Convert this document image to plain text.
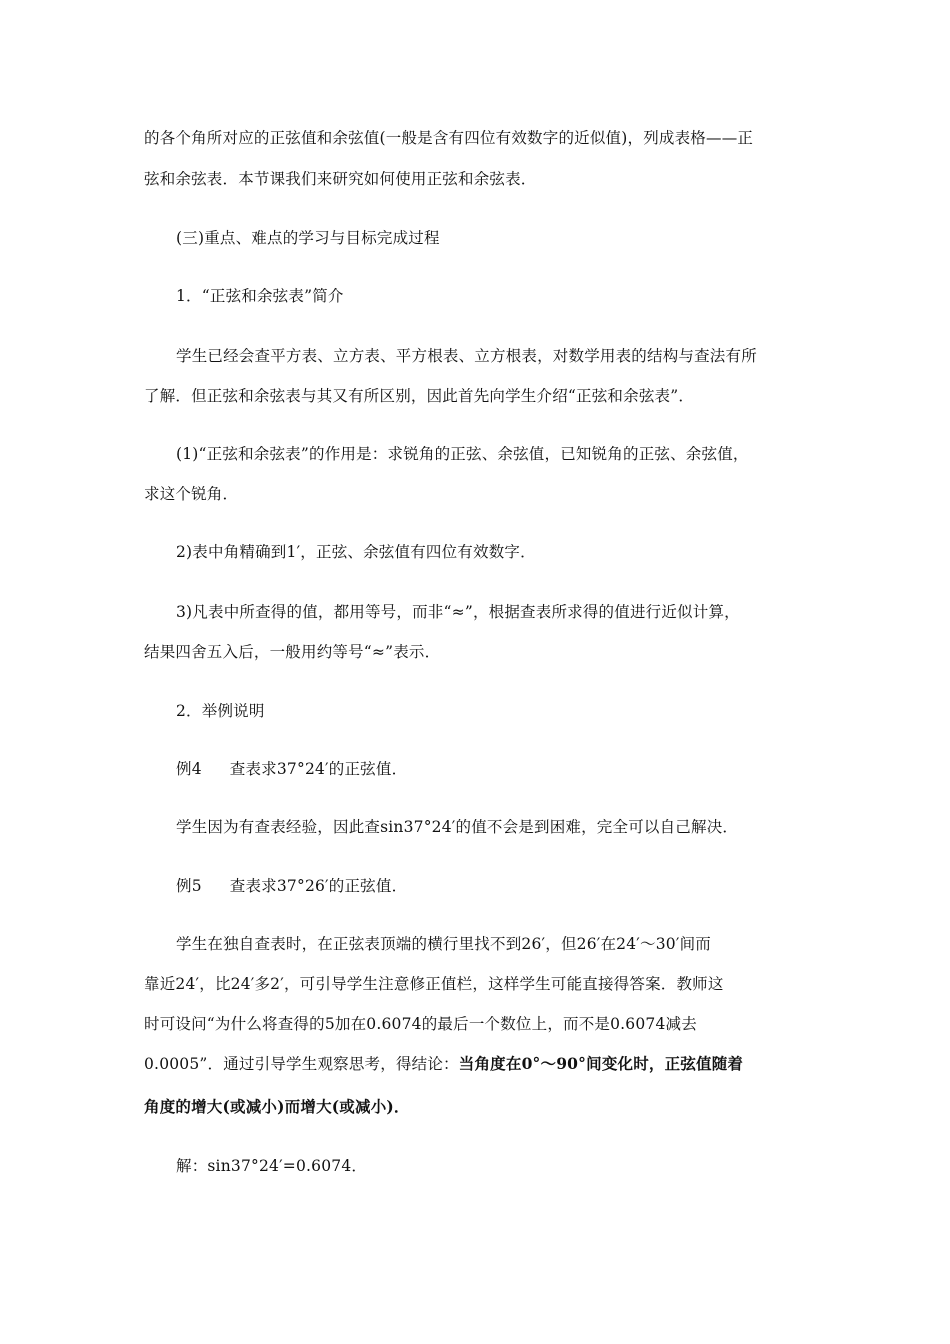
的各个角所对应的正弦值和余弦值(一般是含有四位有效数字的近似值)，列成表格——正
弦和余弦表．本节课我们来研究如何使用正弦和余弦表．
(三)重点、难点的学习与目标完成过程
1．“正弦和余弦表”简介
学生已经会查平方表、立方表、平方根表、立方根表，对数学用表的结构与查法有所
了解．但正弦和余弦表与其又有所区别，因此首先向学生介绍“正弦和余弦表”．
(1)“正弦和余弦表”的作用是：求锐角的正弦、余弦值，已知锐角的正弦、余弦值，
求这个锐角．
2)表中角精确到1′，正弦、余弦值有四位有效数字．
3)凡表中所查得的值，都用等号，而非“≈”，根据查表所求得的值进行近似计算，
结果四舍五入后，一般用约等号“≈”表示．
2．举例说明
例4 查表求37°24′的正弦值．
学生因为有查表经验，因此查sin37°24′的值不会是到困难，完全可以自己解决．
例5 查表求37°26′的正弦值．
学生在独自查表时，在正弦表顶端的横行里找不到26′，但26′在24′～30′间而
靠近24′，比24′多2′，可引导学生注意修正值栏，这样学生可能直接得答案．教师这
时可设问“为什么将查得的5加在0.6074的最后一个数位上，而不是0.6074减去
0.0005”．通过引导学生观察思考，得结论：当角度在0°～90°间变化时，正弦值随着
角度的增大(或减小)而增大(或减小)．
解：sin37°24′=0.6074．
